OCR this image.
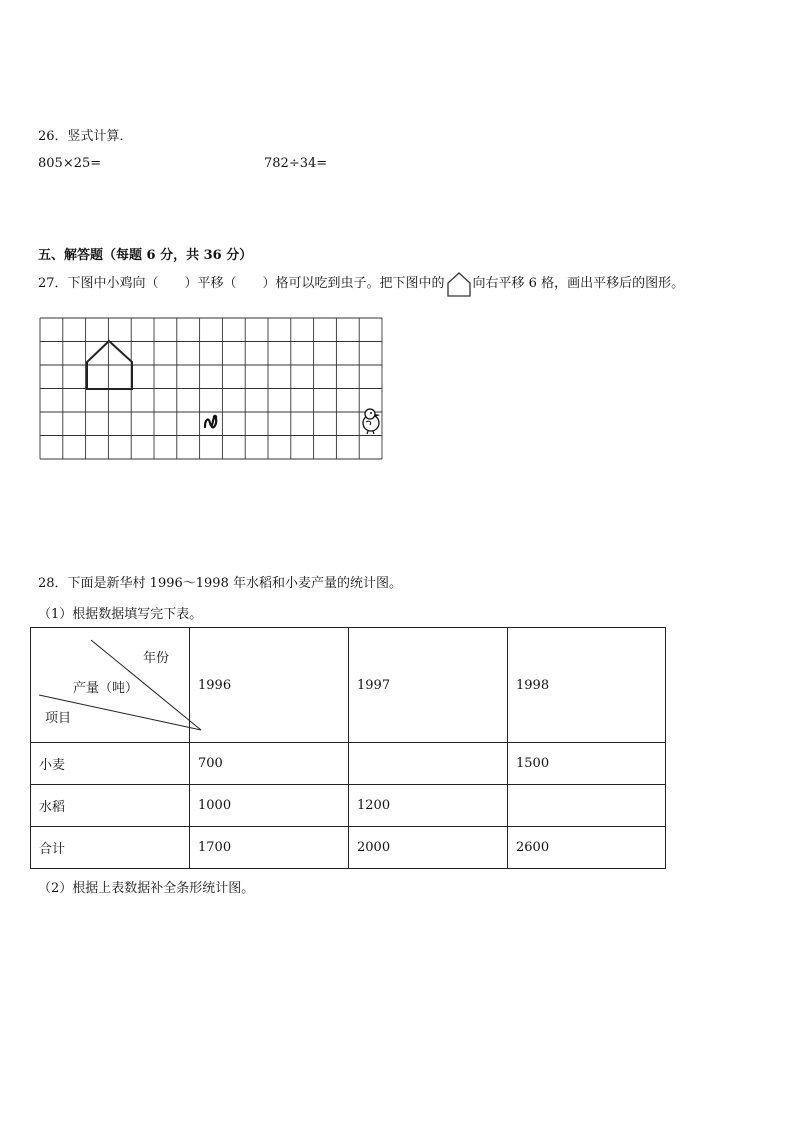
26．竖式计算．
805×25=	782÷34=
五、解答题（每题 6 分，共 36 分）
27．下图中小鸡向（　　）平移（　　）格可以吃到虫子。把下图中的 向右平移 6 格，画出平移后的图形。
28．下面是新华村 1996～1998 年水稻和小麦产量的统计图。
（1）根据数据填写完下表。
年份
产量（吨）
项目	1996	1997	1998
小麦	700		1500
水稻	1000	1200	
合计	1700	2000	2600
（2）根据上表数据补全条形统计图。
